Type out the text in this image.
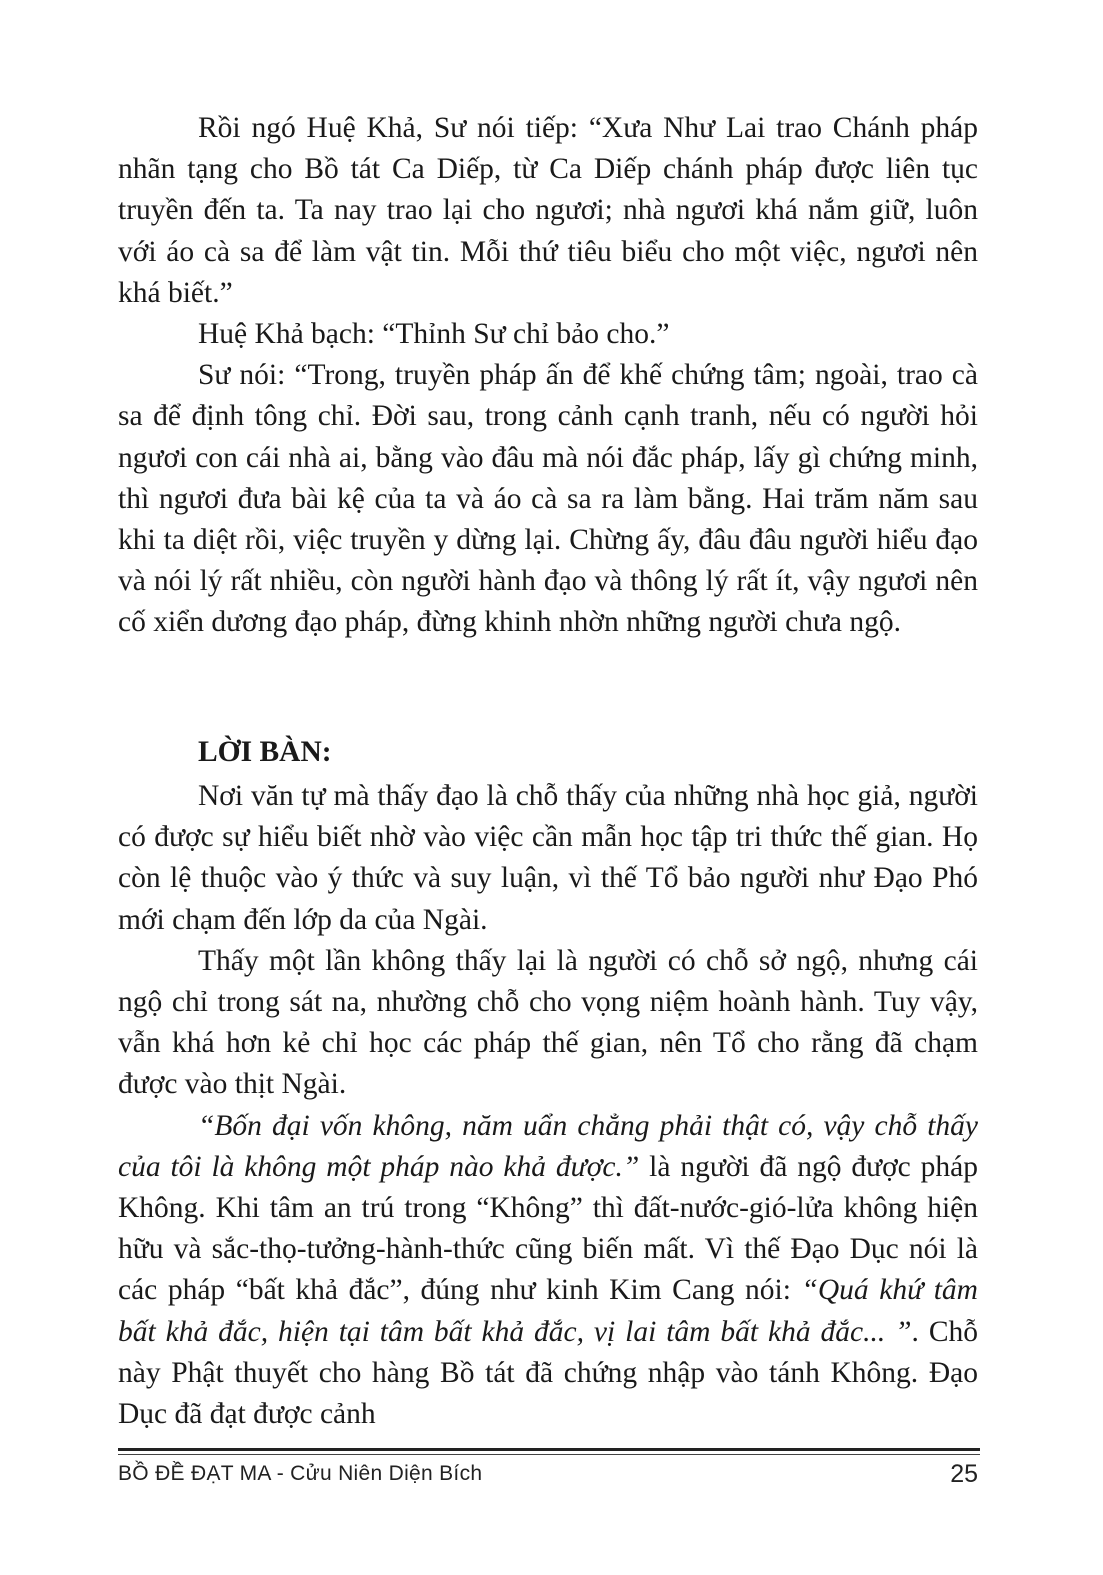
Rồi ngó Huệ Khả, Sư nói tiếp: “Xưa Như Lai trao Chánh pháp nhãn tạng cho Bồ tát Ca Diếp, từ Ca Diếp chánh pháp được liên tục truyền đến ta. Ta nay trao lại cho ngươi; nhà ngươi khá nắm giữ, luôn với áo cà sa để làm vật tin. Mỗi thứ tiêu biểu cho một việc, ngươi nên khá biết.”

Huệ Khả bạch: “Thỉnh Sư chỉ bảo cho.”

Sư nói: “Trong, truyền pháp ấn để khế chứng tâm; ngoài, trao cà sa để định tông chỉ. Đời sau, trong cảnh cạnh tranh, nếu có người hỏi ngươi con cái nhà ai, bằng vào đâu mà nói đắc pháp, lấy gì chứng minh, thì ngươi đưa bài kệ của ta và áo cà sa ra làm bằng. Hai trăm năm sau khi ta diệt rồi, việc truyền y dừng lại. Chừng ấy, đâu đâu người hiểu đạo và nói lý rất nhiều, còn người hành đạo và thông lý rất ít, vậy ngươi nên cố xiển dương đạo pháp, đừng khinh nhờn những người chưa ngộ.

LỜI BÀN:

Nơi văn tự mà thấy đạo là chỗ thấy của những nhà học giả, người có được sự hiểu biết nhờ vào việc cần mẫn học tập tri thức thế gian. Họ còn lệ thuộc vào ý thức và suy luận, vì thế Tổ bảo người như Đạo Phó mới chạm đến lớp da của Ngài.

Thấy một lần không thấy lại là người có chỗ sở ngộ, nhưng cái ngộ chỉ trong sát na, nhường chỗ cho vọng niệm hoành hành. Tuy vậy, vẫn khá hơn kẻ chỉ học các pháp thế gian, nên Tổ cho rằng đã chạm được vào thịt Ngài.

“Bốn đại vốn không, năm uẩn chẳng phải thật có, vậy chỗ thấy của tôi là không một pháp nào khả được.” là người đã ngộ được pháp Không. Khi tâm an trú trong “Không” thì đất-nước-gió-lửa không hiện hữu và sắc-thọ-tưởng-hành-thức cũng biến mất. Vì thế Đạo Dục nói là các pháp “bất khả đắc”, đúng như kinh Kim Cang nói: “Quá khứ tâm bất khả đắc, hiện tại tâm bất khả đắc, vị lai tâm bất khả đắc... ”. Chỗ này Phật thuyết cho hàng Bồ tát đã chứng nhập vào tánh Không. Đạo Dục đã đạt được cảnh

BỒ ĐỀ ĐẠT MA - Cửu Niên Diện Bích	25
